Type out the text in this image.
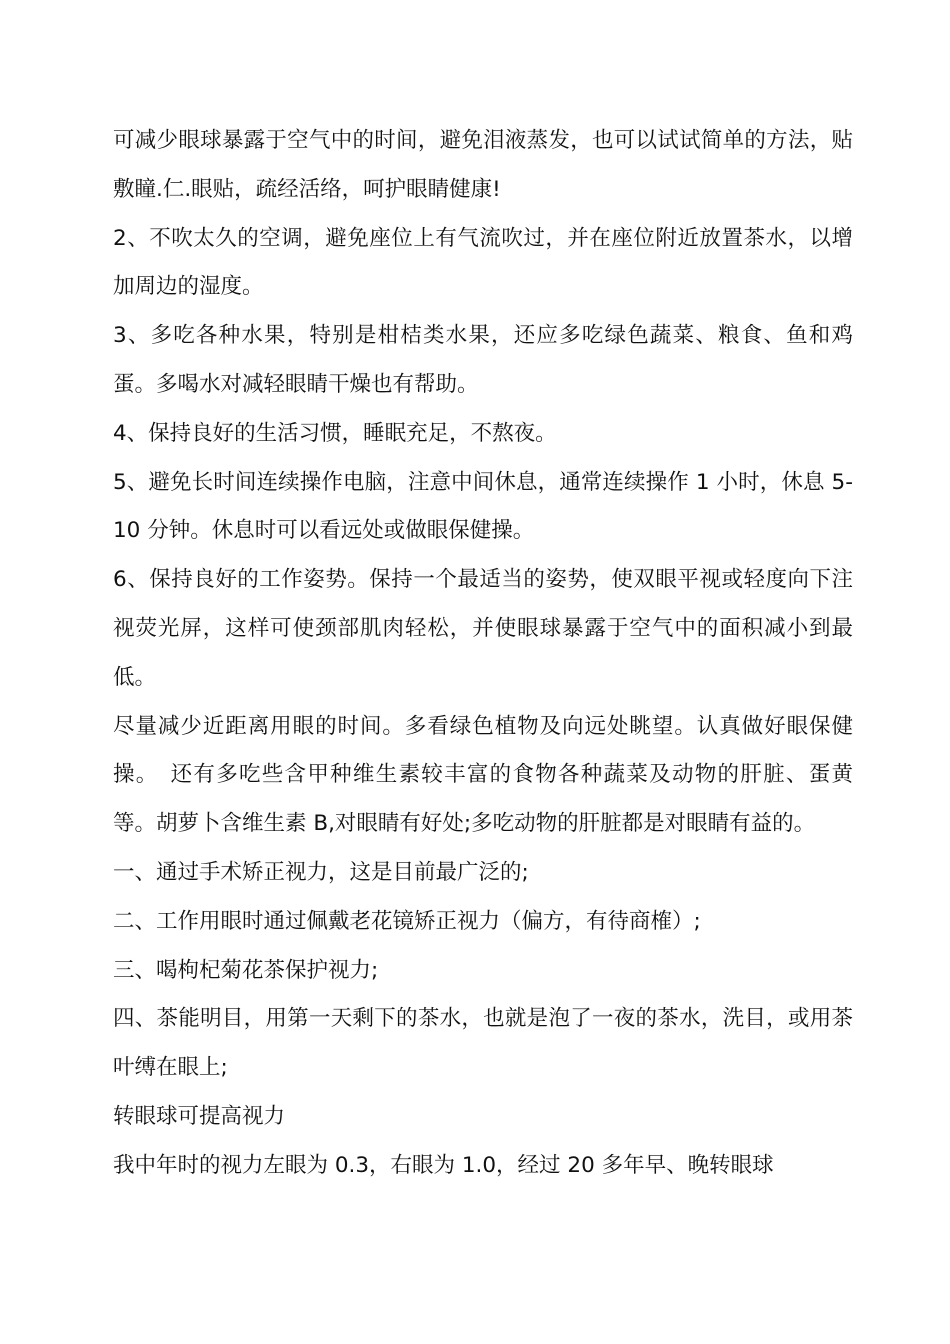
可减少眼球暴露于空气中的时间，避免泪液蒸发，也可以试试简单的方法，贴敷瞳.仁.眼贴，疏经活络，呵护眼睛健康!

2、不吹太久的空调，避免座位上有气流吹过，并在座位附近放置茶水，以增加周边的湿度。

3、多吃各种水果，特别是柑桔类水果，还应多吃绿色蔬菜、粮食、鱼和鸡蛋。多喝水对减轻眼睛干燥也有帮助。

4、保持良好的生活习惯，睡眠充足，不熬夜。

5、避免长时间连续操作电脑，注意中间休息，通常连续操作 1 小时，休息 5-10 分钟。休息时可以看远处或做眼保健操。

6、保持良好的工作姿势。保持一个最适当的姿势，使双眼平视或轻度向下注视荧光屏，这样可使颈部肌肉轻松，并使眼球暴露于空气中的面积减小到最低。

尽量减少近距离用眼的时间。多看绿色植物及向远处眺望。认真做好眼保健操。　还有多吃些含甲种维生素较丰富的食物各种蔬菜及动物的肝脏、蛋黄等。胡萝卜含维生素 B,对眼睛有好处;多吃动物的肝脏都是对眼睛有益的。

一、通过手术矫正视力，这是目前最广泛的;

二、工作用眼时通过佩戴老花镜矫正视力（偏方，有待商榷）;

三、喝枸杞菊花茶保护视力;

四、茶能明目，用第一天剩下的茶水，也就是泡了一夜的茶水，洗目，或用茶叶缚在眼上;

转眼球可提高视力

我中年时的视力左眼为 0.3，右眼为 1.0，经过 20 多年早、晚转眼球
